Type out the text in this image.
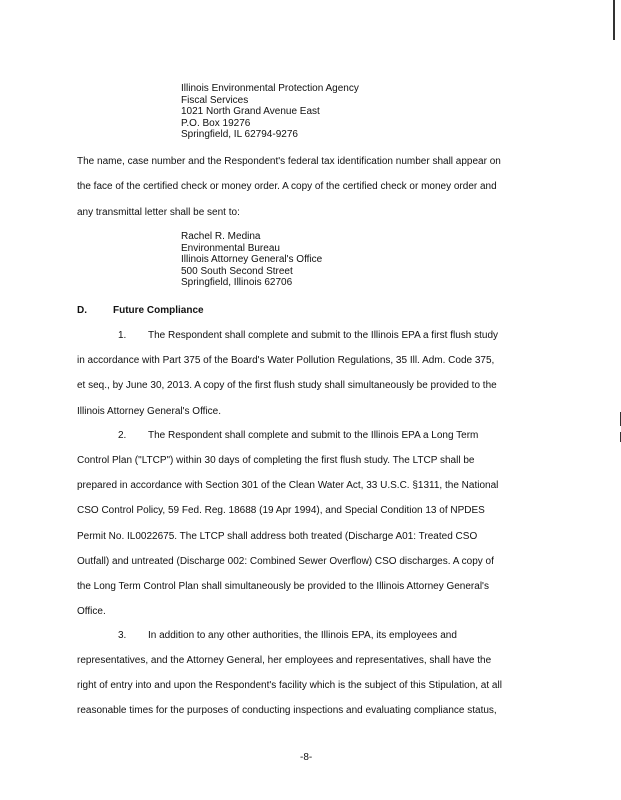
Illinois Environmental Protection Agency
Fiscal Services
1021 North Grand Avenue East
P.O. Box 19276
Springfield, IL 62794-9276
The name, case number and the Respondent's federal tax identification number shall appear on
the face of the certified check or money order. A copy of the certified check or money order and
any transmittal letter shall be sent to:
Rachel R. Medina
Environmental Bureau
Illinois Attorney General's Office
500 South Second Street
Springfield, Illinois 62706
D.	Future Compliance
1. The Respondent shall complete and submit to the Illinois EPA a first flush study
in accordance with Part 375 of the Board's Water Pollution Regulations, 35 Ill. Adm. Code 375,
et seq., by June 30, 2013. A copy of the first flush study shall simultaneously be provided to the
Illinois Attorney General's Office.
2. The Respondent shall complete and submit to the Illinois EPA a Long Term
Control Plan ("LTCP") within 30 days of completing the first flush study. The LTCP shall be
prepared in accordance with Section 301 of the Clean Water Act, 33 U.S.C. §1311, the National
CSO Control Policy, 59 Fed. Reg. 18688 (19 Apr 1994), and Special Condition 13 of NPDES
Permit No. IL0022675. The LTCP shall address both treated (Discharge A01: Treated CSO
Outfall) and untreated (Discharge 002: Combined Sewer Overflow) CSO discharges. A copy of
the Long Term Control Plan shall simultaneously be provided to the Illinois Attorney General's
Office.
3. In addition to any other authorities, the Illinois EPA, its employees and
representatives, and the Attorney General, her employees and representatives, shall have the
right of entry into and upon the Respondent's facility which is the subject of this Stipulation, at all
reasonable times for the purposes of conducting inspections and evaluating compliance status,
-8-
